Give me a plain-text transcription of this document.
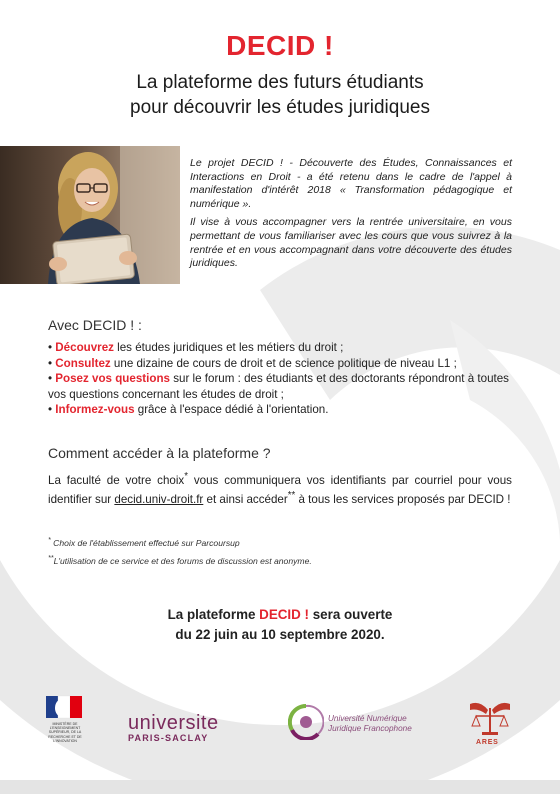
DECID !
La plateforme des futurs étudiants
pour découvrir les études juridiques

Le projet DECID ! - Découverte des Études, Connaissances et Interactions en Droit - a été retenu dans le cadre de l'appel à manifestation d'intérêt 2018 « Transformation pédagogique et numérique ».

Il vise à vous accompagner vers la rentrée universitaire, en vous permettant de vous familiariser avec les cours que vous suivrez à la rentrée et en vous accompagnant dans votre découverte des études juridiques.

Avec DECID ! :

• Découvrez les études juridiques et les métiers du droit ;

• Consultez une dizaine de cours de droit et de science politique de niveau L1 ;

• Posez vos questions sur le forum : des étudiants et des doctorants répondront à toutes vos questions concernant les études de droit ;

• Informez-vous grâce à l'espace dédié à l'orientation.

Comment accéder à la plateforme ?
La faculté de votre choix* vous communiquera vos identifiants par courriel pour vous identifier sur decid.univ-droit.fr et ainsi accéder** à tous les services proposés par DECID !
* Choix de l'établissement effectué sur Parcoursup
**L'utilisation de ce service et des forums de discussion est anonyme.
La plateforme DECID ! sera ouverte
du 22 juin au 10 septembre 2020.
MINISTÈRE DE L'ENSEIGNEMENT SUPÉRIEUR, DE LA RECHERCHE ET DE L'INNOVATION
universite
PARIS-SACLAY
Université Numérique
Juridique Francophone
ARES
